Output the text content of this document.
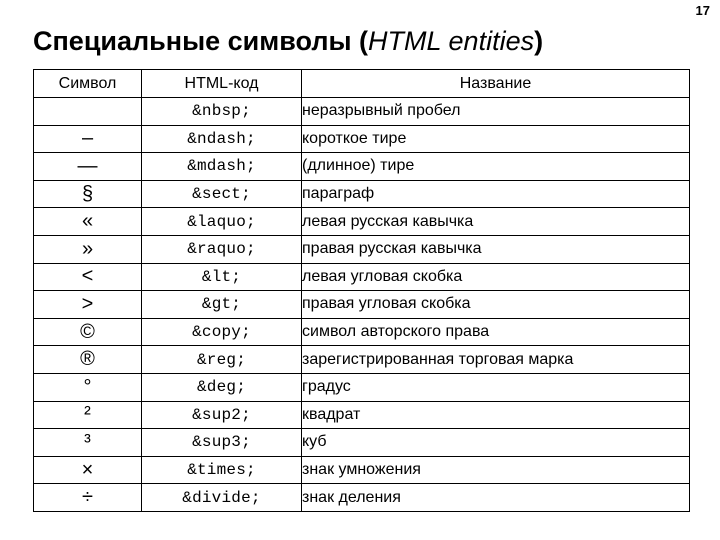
17
Специальные символы (HTML entities)
Символ	HTML-код	Название
	&nbsp;	неразрывный пробел
–	&ndash;	короткое тире
—	&mdash;	(длинное) тире
§	&sect;	параграф
«	&laquo;	левая русская кавычка
»	&raquo;	правая русская кавычка
<	&lt;	левая угловая скобка
>	&gt;	правая угловая скобка
©	&copy;	символ авторского права
®	&reg;	зарегистрированная торговая марка
°	&deg;	градус
²	&sup2;	квадрат
³	&sup3;	куб
×	&times;	знак умножения
÷	&divide;	знак деления
